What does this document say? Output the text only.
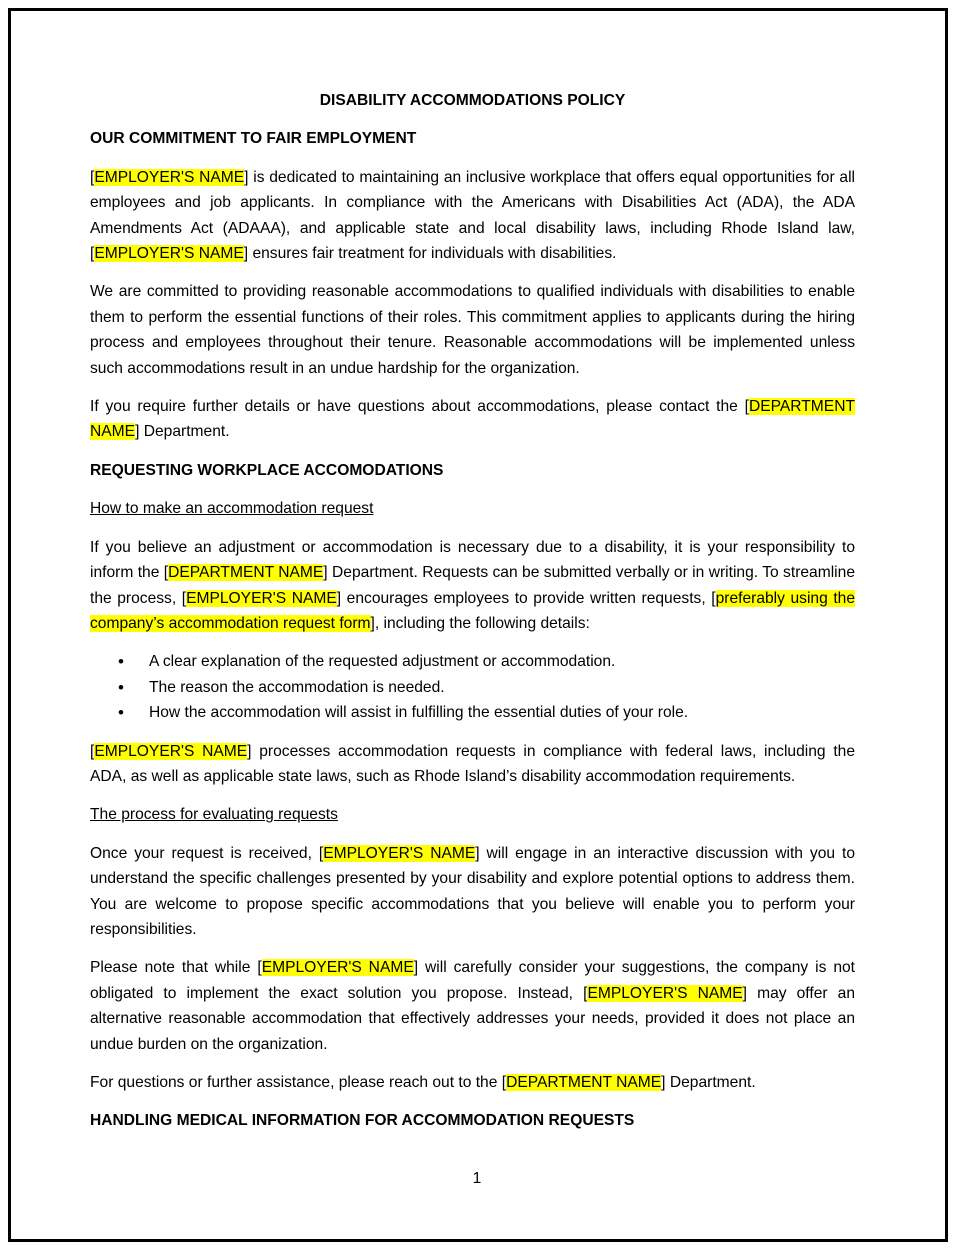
DISABILITY ACCOMMODATIONS POLICY
OUR COMMITMENT TO FAIR EMPLOYMENT

[EMPLOYER'S NAME] is dedicated to maintaining an inclusive workplace that offers equal opportunities for all employees and job applicants. In compliance with the Americans with Disabilities Act (ADA), the ADA Amendments Act (ADAAA), and applicable state and local disability laws, including Rhode Island law, [EMPLOYER'S NAME] ensures fair treatment for individuals with disabilities.

We are committed to providing reasonable accommodations to qualified individuals with disabilities to enable them to perform the essential functions of their roles. This commitment applies to applicants during the hiring process and employees throughout their tenure. Reasonable accommodations will be implemented unless such accommodations result in an undue hardship for the organization.

If you require further details or have questions about accommodations, please contact the [DEPARTMENT NAME] Department.

REQUESTING WORKPLACE ACCOMODATIONS
How to make an accommodation request

If you believe an adjustment or accommodation is necessary due to a disability, it is your responsibility to inform the [DEPARTMENT NAME] Department. Requests can be submitted verbally or in writing. To streamline the process, [EMPLOYER'S NAME] encourages employees to provide written requests, [preferably using the company’s accommodation request form], including the following details:

• A clear explanation of the requested adjustment or accommodation.
• The reason the accommodation is needed.
• How the accommodation will assist in fulfilling the essential duties of your role.

[EMPLOYER'S NAME] processes accommodation requests in compliance with federal laws, including the ADA, as well as applicable state laws, such as Rhode Island’s disability accommodation requirements.

The process for evaluating requests

Once your request is received, [EMPLOYER'S NAME] will engage in an interactive discussion with you to understand the specific challenges presented by your disability and explore potential options to address them. You are welcome to propose specific accommodations that you believe will enable you to perform your responsibilities.

Please note that while [EMPLOYER'S NAME] will carefully consider your suggestions, the company is not obligated to implement the exact solution you propose. Instead, [EMPLOYER'S NAME] may offer an alternative reasonable accommodation that effectively addresses your needs, provided it does not place an undue burden on the organization.

For questions or further assistance, please reach out to the [DEPARTMENT NAME] Department.

HANDLING MEDICAL INFORMATION FOR ACCOMMODATION REQUESTS
1
